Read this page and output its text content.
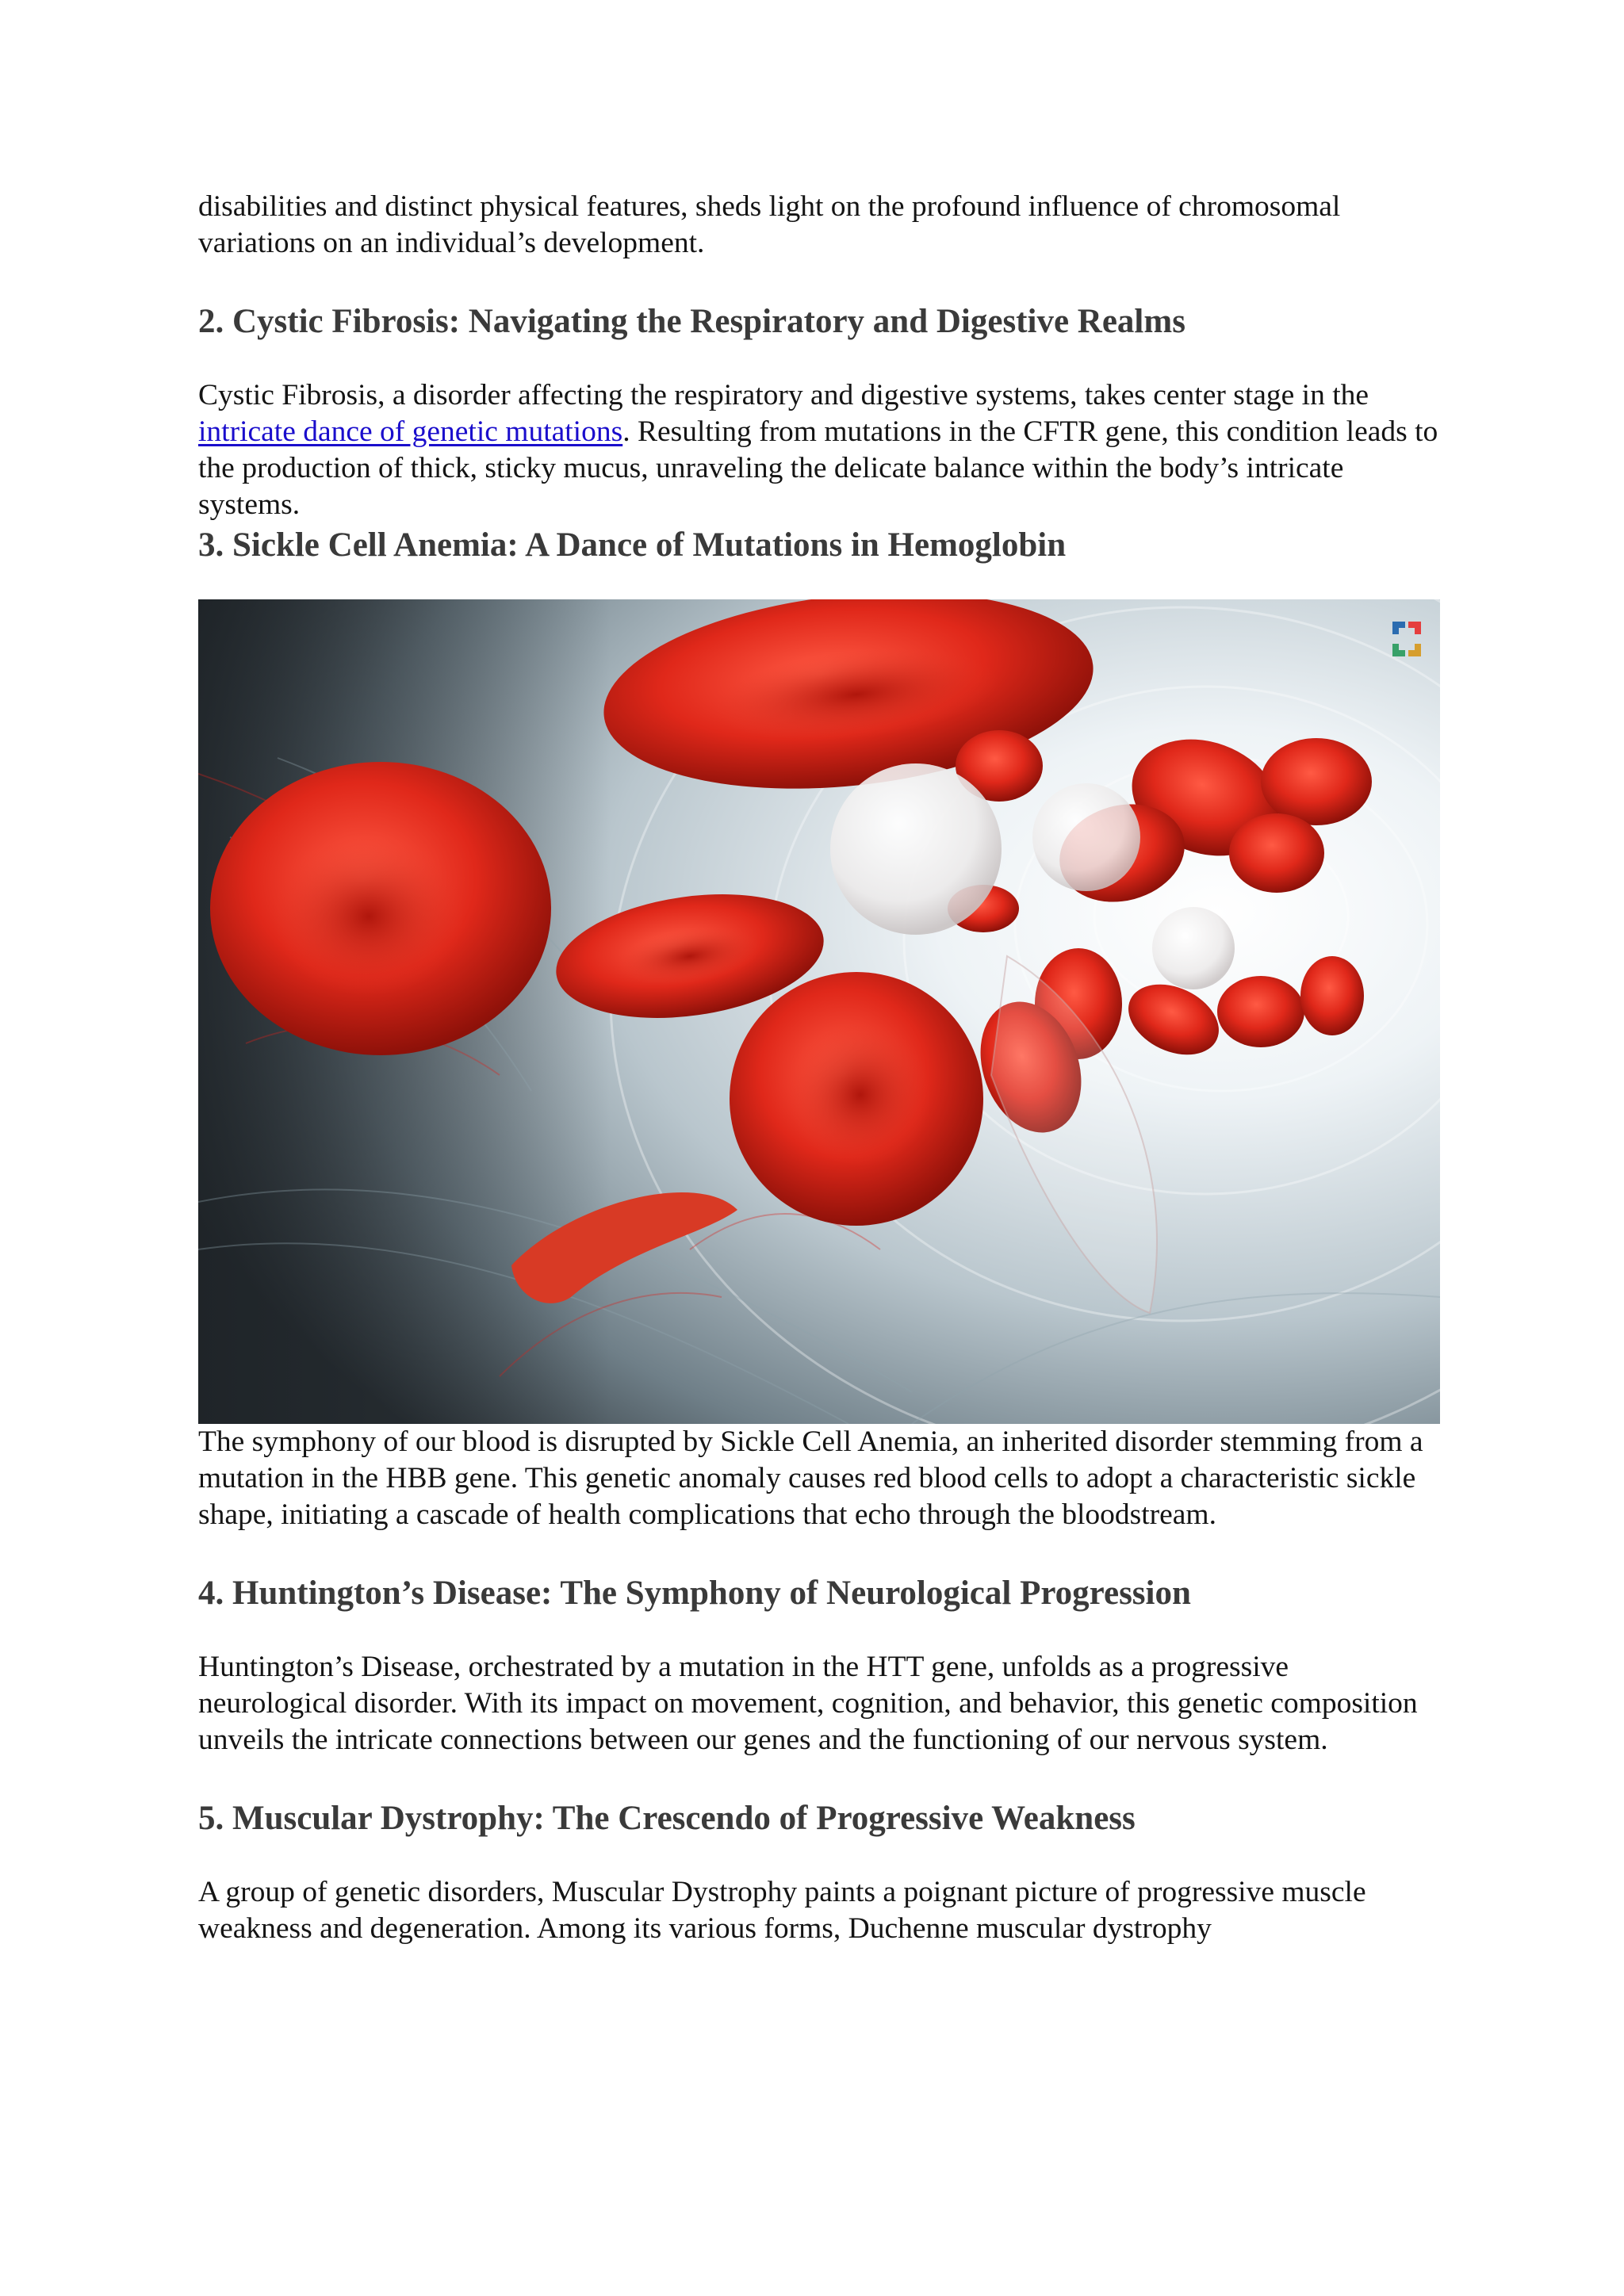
disabilities and distinct physical features, sheds light on the profound influence of chromosomal variations on an individual’s development.

2. Cystic Fibrosis: Navigating the Respiratory and Digestive Realms

Cystic Fibrosis, a disorder affecting the respiratory and digestive systems, takes center stage in the intricate dance of genetic mutations. Resulting from mutations in the CFTR gene, this condition leads to the production of thick, sticky mucus, unraveling the delicate balance within the body’s intricate systems.

3. Sickle Cell Anemia: A Dance of Mutations in Hemoglobin

The symphony of our blood is disrupted by Sickle Cell Anemia, an inherited disorder stemming from a mutation in the HBB gene. This genetic anomaly causes red blood cells to adopt a characteristic sickle shape, initiating a cascade of health complications that echo through the bloodstream.

4. Huntington’s Disease: The Symphony of Neurological Progression

Huntington’s Disease, orchestrated by a mutation in the HTT gene, unfolds as a progressive neurological disorder. With its impact on movement, cognition, and behavior, this genetic composition unveils the intricate connections between our genes and the functioning of our nervous system.

5. Muscular Dystrophy: The Crescendo of Progressive Weakness

A group of genetic disorders, Muscular Dystrophy paints a poignant picture of progressive muscle weakness and degeneration. Among its various forms, Duchenne muscular dystrophy
